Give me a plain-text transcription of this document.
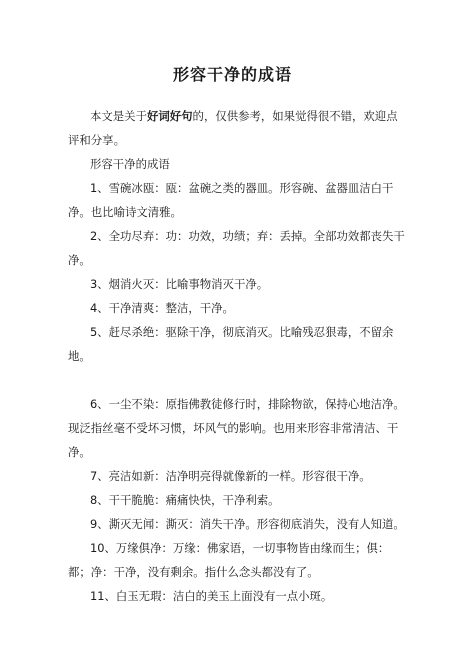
形容干净的成语

本文是关于好词好句的，仅供参考，如果觉得很不错，欢迎点评和分享。

形容干净的成语

1、雪碗冰瓯：瓯：盆碗之类的器皿。形容碗、盆器皿洁白干净。也比喻诗文清雅。

2、全功尽弃：功：功效，功绩；弃：丢掉。全部功效都丧失干净。

3、烟消火灭：比喻事物消灭干净。

4、干净清爽：整洁，干净。

5、赶尽杀绝：驱除干净，彻底消灭。比喻残忍狠毒，不留余地。

6、一尘不染：原指佛教徒修行时，排除物欲，保持心地洁净。现泛指丝毫不受坏习惯，坏风气的影响。也用来形容非常清洁、干净。

7、亮洁如新：洁净明亮得就像新的一样。形容很干净。

8、干干脆脆：痛痛快快，干净利索。

9、澌灭无闻：澌灭：消失干净。形容彻底消失，没有人知道。

10、万缘俱净：万缘：佛家语，一切事物皆由缘而生；俱：都；净：干净，没有剩余。指什么念头都没有了。

11、白玉无瑕：洁白的美玉上面没有一点小斑。
